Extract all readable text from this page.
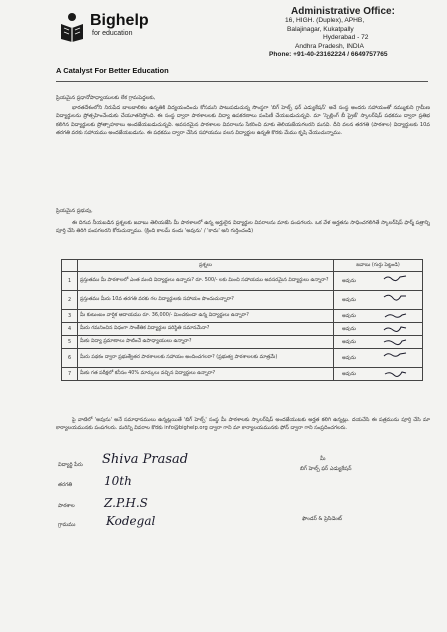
Bighelp
for education
A Catalyst For Better Education
Administrative Office:
16, HIGH. (Duplex), APHB,
Balajinagar, Kukatpally
Hyderabad - 72
Andhra Pradesh, INDIA
Phone: +91-40-23162224 / 6649757765
ప్రియమైన ప్రధానోపాధ్యాయులకు లేక గ్రామపెద్దలకు,
భారతదేశంలోని నిరుపేద బాలబాలికల ఉన్నతికి విద్యయందించు కోసమని పాటుపడుచున్న సొంస్థగా 'బిగ్ హెల్ప్ ఫర్ ఎడ్యుకేషన్' అనే సంస్థ అందరు సహాయంతో నమ్ముకుని గ్రామీణ విద్యార్థులను ప్రోత్సహించేందుకు చేయూతనిస్తోంది. ఈ సంస్థ ద్వారా పాఠశాలలకు విద్యా ఉపకరణాలు పంపిణీ చేయబడుచున్నవి. మా 'స్పెల్లింగ్ బీ ప్రైజ్' స్కాలర్‌షిప్ పథకము ద్వారా ప్రతిభ కలిగిన విద్యార్థులకు ప్రోత్సాహకాలు అందజేయబడుచున్నవి. అవసరమైన పాఠశాలల వివరాలను సేకరించి మాకు తెలియజేయగలరని మనవి. దీని వలన తరగతి (పాఠశాల) విద్యార్థులకు 10వ తరగతి వరకు సహాయము అందజేయబడును. ఈ పథకము ద్వారా చేసిన సహాయము వలన విద్యార్థుల ఉన్నతి కొరకు మేము కృషి చేయుచున్నాము.
ప్రియమైన ప్రభువు,
ఈ దిగువ నీయబడిన ప్రశ్నలకు జవాబు తెలియజేసి మీ పాఠశాలలో ఉన్న అర్హులైన విద్యార్థుల వివరాలను మాకు పంపగలరు. ఒక వేళ అర్హతను సాధించగలిగితే స్కాలర్‌షిప్ ఫార్మ్ పత్రాన్ని పూర్తి చేసి తిరిగి పంపగలరని కోరుచున్నాము. (క్రింది కాలమ్ నందు 'అవును' / 'కాదు' అని గుర్తించండి)
	ప్రశ్నలు	జవాబు (గుర్తు పెట్టండి)
1	ప్రస్తుతము మీ పాఠశాలలో ఎంత మంది విద్యార్థులు ఉన్నారు? రూ. 500/- లకు మించి సహాయము అవసరమైన విద్యార్థులు ఉన్నారా?	అవును

2	ప్రస్తుతము మీరు 10వ తరగతి వరకు గల విద్యార్థులకు సహాయం పొందుచున్నారా?	అవును

3	మీ కుటుంబం వార్షిక ఆదాయము రూ. 36,000/- మించకుండా ఉన్న విద్యార్థులు ఉన్నారా?	అవును

4	మీరు గమనించిన విధంగా సాంకేతిక విద్యార్థుల పరిస్థితి సమానమేనా?	అవును

5	మీకు విద్యా ప్రమాణాలు పాటించే ఉపాధ్యాయులు ఉన్నారా?	అవును

6	మీరు పథకం ద్వారా ప్రభుత్వేతర పాఠశాలలకు సహాయం అందించగలరా? (ప్రభుత్వ పాఠశాలలకు మాత్రమే)	అవును

7	మీకు గత పరీక్షలో కనీసం 40% మార్కులు వచ్చిన విద్యార్థులు ఉన్నారా?	అవును
పై వాటిలో 'అవును' అనే సమాధానములు ఉన్నట్లయితే 'బిగ్ హెల్ప్' సంస్థ మీ పాఠశాలకు స్కాలర్‌షిప్ అందజేయుటకు అర్హత కలిగి ఉన్నట్లు. దయచేసి ఈ పత్రమును పూర్తి చేసి మా కార్యాలయమునకు పంపగలరు. మరిన్ని వివరాల కొరకు info@bighelp.org ద్వారా గాని మా కార్యాలయమునకు ఫోన్ ద్వారా గాని సంప్రదించగలరు.
విద్యార్థి పేరు Shiva Prasad
తరగతి	10th
పాఠశాల Z.P.H.S
గ్రామము	Kodegal
మీ
బిగ్ హెల్ప్ ఫర్ ఎడ్యుకేషన్
ఫౌండర్ & ప్రెసిడెంట్
